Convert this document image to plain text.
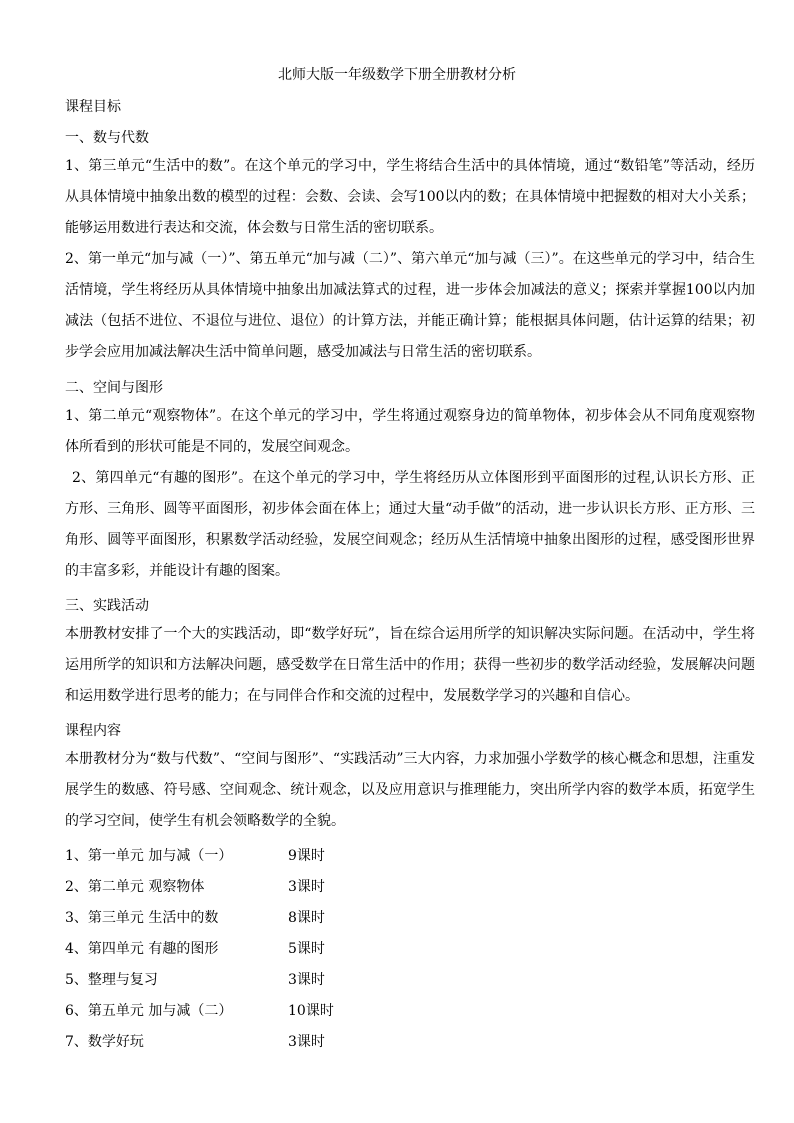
北师大版一年级数学下册全册教材分析
课程目标
一、数与代数

1、第三单元“生活中的数”。在这个单元的学习中，学生将结合生活中的具体情境，通过“数铅笔”等活动，经历从具体情境中抽象出数的模型的过程：会数、会读、会写100以内的数；在具体情境中把握数的相对大小关系；能够运用数进行表达和交流，体会数与日常生活的密切联系。

2、第一单元“加与减（一）”、第五单元“加与减（二）”、第六单元“加与减（三）”。在这些单元的学习中，结合生活情境，学生将经历从具体情境中抽象出加减法算式的过程，进一步体会加减法的意义；探索并掌握100以内加减法（包括不进位、不退位与进位、退位）的计算方法，并能正确计算；能根据具体问题，估计运算的结果；初步学会应用加减法解决生活中简单问题，感受加减法与日常生活的密切联系。

二、空间与图形

1、第二单元“观察物体”。在这个单元的学习中，学生将通过观察身边的简单物体，初步体会从不同角度观察物体所看到的形状可能是不同的，发展空间观念。

2、第四单元“有趣的图形”。在这个单元的学习中，学生将经历从立体图形到平面图形的过程,认识长方形、正方形、三角形、圆等平面图形，初步体会面在体上；通过大量“动手做”的活动，进一步认识长方形、正方形、三角形、圆等平面图形，积累数学活动经验，发展空间观念；经历从生活情境中抽象出图形的过程，感受图形世界的丰富多彩，并能设计有趣的图案。

三、实践活动

本册教材安排了一个大的实践活动，即“数学好玩”，旨在综合运用所学的知识解决实际问题。在活动中，学生将运用所学的知识和方法解决问题，感受数学在日常生活中的作用；获得一些初步的数学活动经验，发展解决问题和运用数学进行思考的能力；在与同伴合作和交流的过程中，发展数学学习的兴趣和自信心。

课程内容

本册教材分为“数与代数”、“空间与图形”、“实践活动”三大内容，力求加强小学数学的核心概念和思想，注重发展学生的数感、符号感、空间观念、统计观念，以及应用意识与推理能力，突出所学内容的数学本质，拓宽学生的学习空间，使学生有机会领略数学的全貌。

1、第一单元 加与减（一）	9课时
2、第二单元 观察物体	3课时
3、第三单元 生活中的数	8课时
4、第四单元 有趣的图形	5课时
5、整理与复习	3课时
6、第五单元 加与减（二）	10课时
7、数学好玩	3课时
